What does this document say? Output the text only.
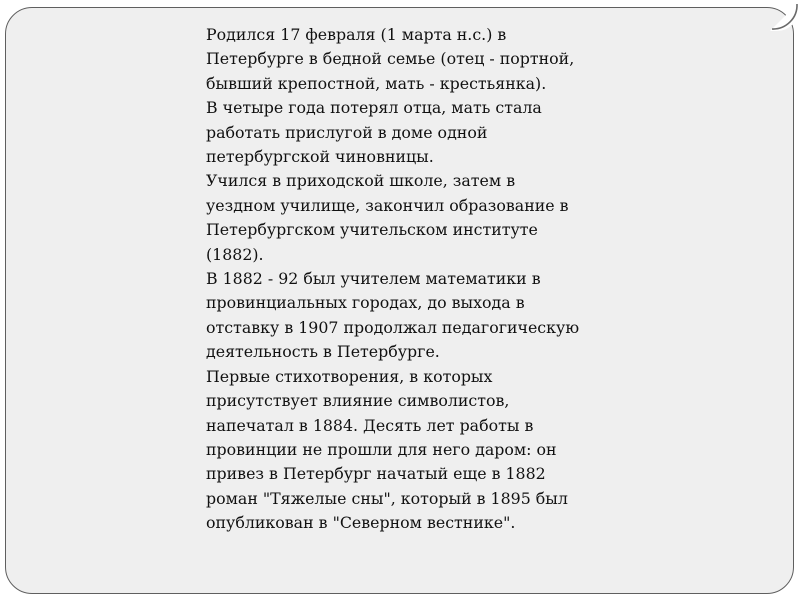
Родился 17 февраля (1 марта н.с.) в

Петербурге в бедной семье (отец - портной,

бывший крепостной, мать - крестьянка).

В четыре года потерял отца, мать стала

работать прислугой в доме одной

петербургской чиновницы.

Учился в приходской школе, затем в

уездном училище, закончил образование в

Петербургском учительском институте

(1882).

В 1882 - 92 был учителем математики в

провинциальных городах, до выхода в

отставку в 1907 продолжал педагогическую

деятельность в Петербурге.

Первые стихотворения, в которых

присутствует влияние символистов,

напечатал в 1884. Десять лет работы в

провинции не прошли для него даром: он

привез в Петербург начатый еще в 1882

роман "Тяжелые сны", который в 1895 был

опубликован в "Северном вестнике".
